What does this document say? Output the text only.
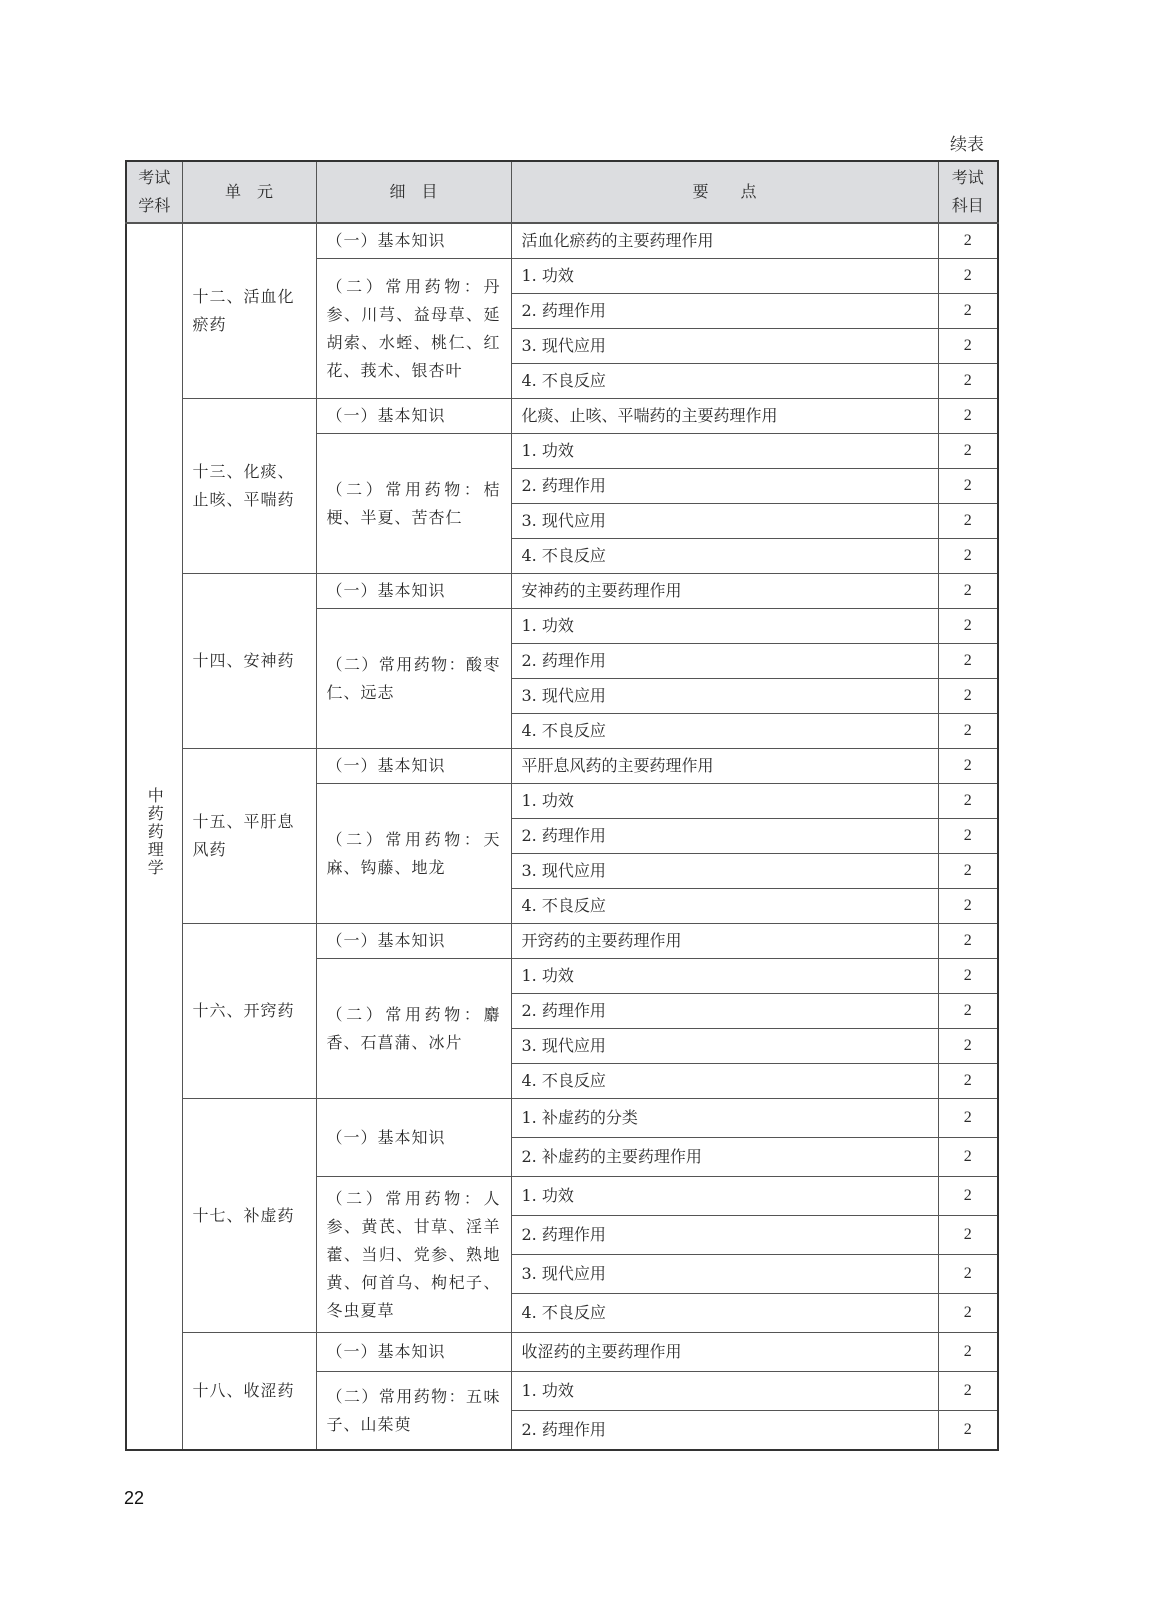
续表
考试学科	单　元	细　目	要　　点	考试科目
中药药理学	十二、活血化瘀药	（一）基本知识	活血化瘀药的主要药理作用	2
		（二）常用药物：丹参、川芎、益母草、延胡索、水蛭、桃仁、红花、莪术、银杏叶	1. 功效	2
			2. 药理作用	2
			3. 现代应用	2
			4. 不良反应	2
	十三、化痰、止咳、平喘药	（一）基本知识	化痰、止咳、平喘药的主要药理作用	2
		（二）常用药物：桔梗、半夏、苦杏仁	1. 功效	2
			2. 药理作用	2
			3. 现代应用	2
			4. 不良反应	2
	十四、安神药	（一）基本知识	安神药的主要药理作用	2
		（二）常用药物：酸枣仁、远志	1. 功效	2
			2. 药理作用	2
			3. 现代应用	2
			4. 不良反应	2
	十五、平肝息风药	（一）基本知识	平肝息风药的主要药理作用	2
		（二）常用药物：天麻、钩藤、地龙	1. 功效	2
			2. 药理作用	2
			3. 现代应用	2
			4. 不良反应	2
	十六、开窍药	（一）基本知识	开窍药的主要药理作用	2
		（二）常用药物：麝香、石菖蒲、冰片	1. 功效	2
			2. 药理作用	2
			3. 现代应用	2
			4. 不良反应	2
	十七、补虚药	（一）基本知识	1. 补虚药的分类	2
			2. 补虚药的主要药理作用	2
		（二）常用药物：人参、黄芪、甘草、淫羊藿、当归、党参、熟地黄、何首乌、枸杞子、冬虫夏草	1. 功效	2
			2. 药理作用	2
			3. 现代应用	2
			4. 不良反应	2
	十八、收涩药	（一）基本知识	收涩药的主要药理作用	2
		（二）常用药物：五味子、山茱萸	1. 功效	2
			2. 药理作用	2
22
